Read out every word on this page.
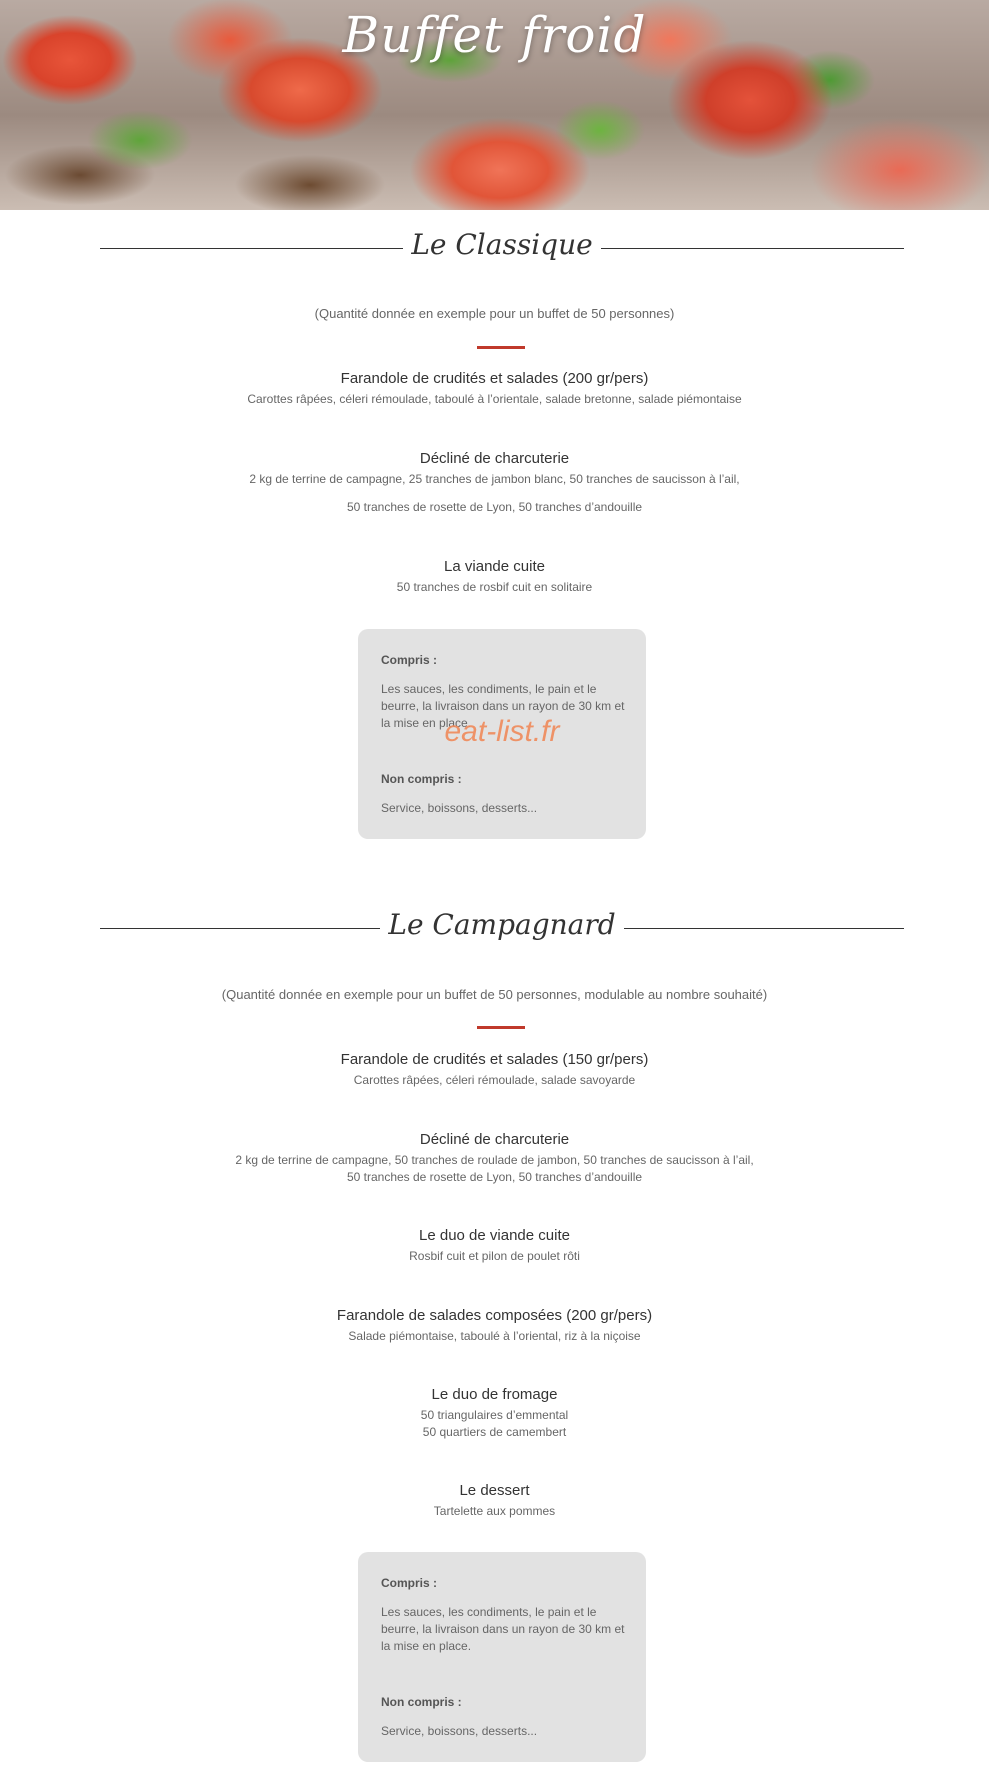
Buffet froid
Le Classique
(Quantité donnée en exemple pour un buffet de 50 personnes)
Farandole de crudités et salades (200 gr/pers)

Carottes râpées, céleri rémoulade, taboulé à l’orientale, salade bretonne, salade piémontaise

Décliné de charcuterie

2 kg de terrine de campagne, 25 tranches de jambon blanc, 50 tranches de saucisson à l’ail,

50 tranches de rosette de Lyon, 50 tranches d’andouille

La viande cuite

50 tranches de rosbif cuit en solitaire

Compris :
Les sauces, les condiments, le pain et le beurre, la livraison dans un rayon de 30 km et la mise en place.
eat-list.fr
Non compris :
Service, boissons, desserts...
Le Campagnard
(Quantité donnée en exemple pour un buffet de 50 personnes, modulable au nombre souhaité)
Farandole de crudités et salades (150 gr/pers)

Carottes râpées, céleri rémoulade, salade savoyarde

Décliné de charcuterie

2 kg de terrine de campagne, 50 tranches de roulade de jambon, 50 tranches de saucisson à l’ail,

50 tranches de rosette de Lyon, 50 tranches d’andouille

Le duo de viande cuite

Rosbif cuit et pilon de poulet rôti

Farandole de salades composées (200 gr/pers)

Salade piémontaise, taboulé à l’oriental, riz à la niçoise

Le duo de fromage

50 triangulaires d’emmental

50 quartiers de camembert

Le dessert

Tartelette aux pommes

Compris :
Les sauces, les condiments, le pain et le beurre, la livraison dans un rayon de 30 km et la mise en place.
Non compris :
Service, boissons, desserts...
